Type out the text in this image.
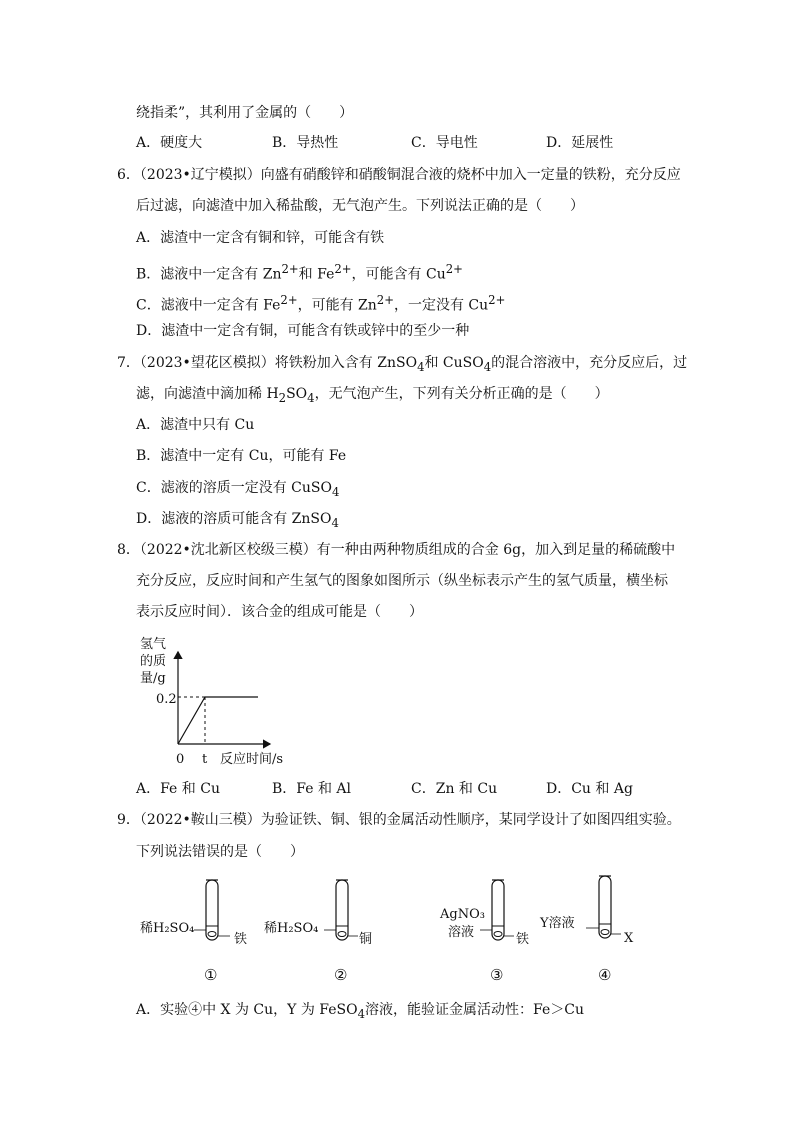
绕指柔”，其利用了金属的（　　）
A．硬度大	B．导热性	C．导电性	D．延展性
6．（2023•辽宁模拟）向盛有硝酸锌和硝酸铜混合液的烧杯中加入一定量的铁粉，充分反应
后过滤，向滤渣中加入稀盐酸，无气泡产生。下列说法正确的是（　　）
A．滤渣中一定含有铜和锌，可能含有铁
B．滤液中一定含有 $Zn^{2+}$和 $Fe^{2+}$，可能含有 $Cu^{2+}$
C．滤液中一定含有 $Fe^{2+}$，可能有 $Zn^{2+}$，一定没有 $Cu^{2+}$
D．滤渣中一定含有铜，可能含有铁或锌中的至少一种
7．（2023•望花区模拟）将铁粉加入含有 ZnSO$_4$和 CuSO$_4$的混合溶液中，充分反应后，过
滤，向滤渣中滴加稀 $H_2SO_4$，无气泡产生，下列有关分析正确的是（　　）
A．滤渣中只有 Cu
B．滤渣中一定有 Cu，可能有 Fe
C．滤液的溶质一定没有 CuSO$_4$
D．滤液的溶质可能含有 ZnSO$_4$
8．（2022•沈北新区校级三模）有一种由两种物质组成的合金 6g，加入到足量的稀硫酸中
充分反应，反应时间和产生氢气的图象如图所示（纵坐标表示产生的氢气质量，横坐标
表示反应时间）．该合金的组成可能是（　　）
氢气
的质
量/g
0.2
0 t 反应时间/s
A．Fe 和 Cu	B．Fe 和 Al	C．Zn 和 Cu	D．Cu 和 Ag
9．（2022•鞍山三模）为验证铁、铜、银的金属活动性顺序，某同学设计了如图四组实验。
下列说法错误的是（　　）
稀H₂SO₄
铁
①
稀H₂SO₄
铜
②
AgNO₃
溶液	铁
③
Y溶液
X
④
A．实验④中 X 为 Cu，Y 为 FeSO$_4$溶液，能验证金属活动性：Fe＞Cu
